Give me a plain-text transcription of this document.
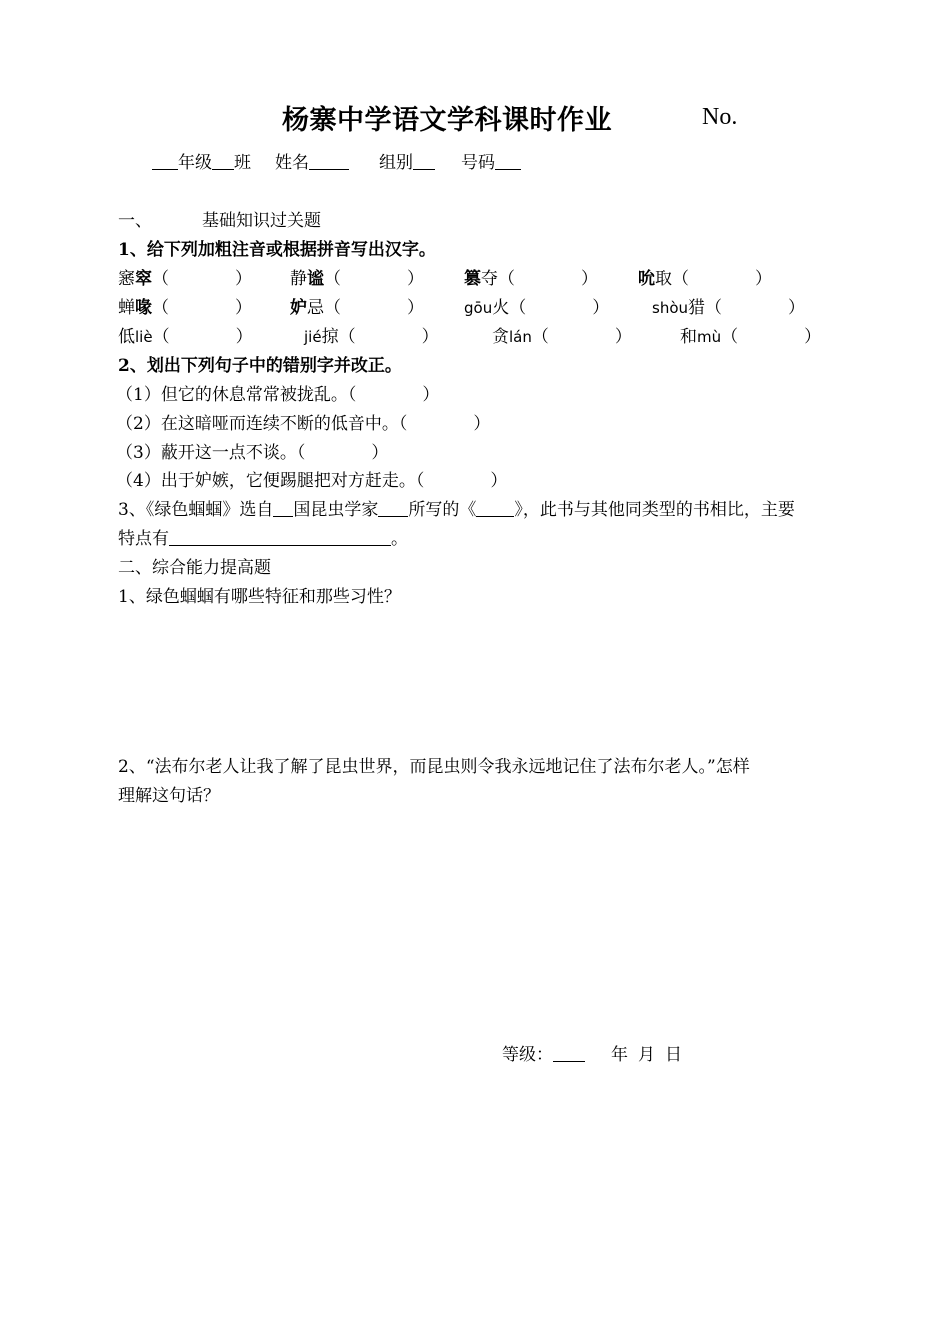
杨寨中学语文学科课时作业	No.
年级 班 姓名	组别	号码
一、	基础知识过关题
1、给下列加粗注音或根据拼音写出汉字。
窸窣（	） 静谧（	） 篡夺（	） 吮取（	）
蝉喙（	） 妒忌（	）	gōu火（	）	shòu猎（	）
低liè（	）	jié掠（	）	贪lán（	）	和mù（	）
2、划出下列句子中的错别字并改正。
（1）但它的休息常常被拢乱。（	）
（2）在这暗哑而连续不断的低音中。（	）
（3）蔽开这一点不谈。（	）
（4）出于妒嫉，它便踢腿把对方赶走。（	）
3、《绿色蝈蝈》选自 国昆虫学家 所写的《 》，此书与其他同类型的书相比，主要
特点有	。
二、综合能力提高题
1、绿色蝈蝈有哪些特征和那些习性？
2、“法布尔老人让我了解了昆虫世界，而昆虫则令我永远地记住了法布尔老人。”怎样
理解这句话？
等级：	年 月 日
